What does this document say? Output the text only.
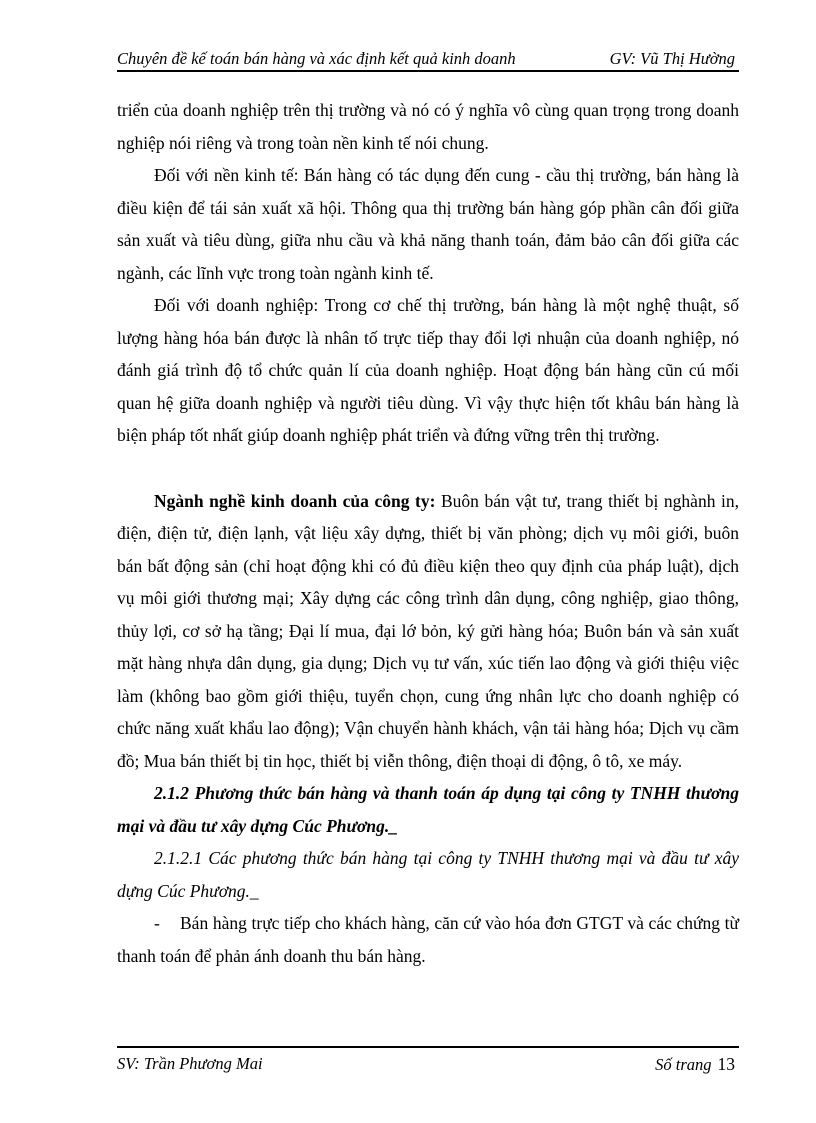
Chuyên đề kế toán bán hàng và xác định kết quả kinh doanh	GV: Vũ Thị Hường

triển của doanh nghiệp trên thị trường và nó có ý nghĩa vô cùng quan trọng trong doanh nghiệp nói riêng và trong toàn nền kinh tế nói chung.

Đối với nền kinh tế: Bán hàng có tác dụng đến cung - cầu thị trường, bán hàng là điều kiện để tái sản xuất xã hội. Thông qua thị trường bán hàng góp phần cân đối giữa sản xuất và tiêu dùng, giữa nhu cầu và khả năng thanh toán, đảm bảo cân đối giữa các ngành, các lĩnh vực trong toàn ngành kinh tế.

Đối với doanh nghiệp: Trong cơ chế thị trường, bán hàng là một nghệ thuật, số lượng hàng hóa bán được là nhân tố trực tiếp thay đổi lợi nhuận của doanh nghiệp, nó đánh giá trình độ tổ chức quản lí của doanh nghiệp. Hoạt động bán hàng cũn cú mối quan hệ giữa doanh nghiệp và người tiêu dùng. Vì vậy thực hiện tốt khâu bán hàng là biện pháp tốt nhất giúp doanh nghiệp phát triển và đứng vững trên thị trường.

Ngành nghề kinh doanh của công ty: Buôn bán vật tư, trang thiết bị nghành in, điện, điện tử, điện lạnh, vật liệu xây dựng, thiết bị văn phòng; dịch vụ môi giới, buôn bán bất động sản (chỉ hoạt động khi có đủ điều kiện theo quy định của pháp luật), dịch vụ môi giới thương mại; Xây dựng các công trình dân dụng, công nghiệp, giao thông, thủy lợi, cơ sở hạ tầng; Đại lí mua, đại lớ bỏn, ký gửi hàng hóa; Buôn bán và sản xuất mặt hàng nhựa dân dụng, gia dụng; Dịch vụ tư vấn, xúc tiến lao động và giới thiệu việc làm (không bao gồm giới thiệu, tuyển chọn, cung ứng nhân lực cho doanh nghiệp có chức năng xuất khẩu lao động); Vận chuyển hành khách, vận tải hàng hóa; Dịch vụ cầm đồ; Mua bán thiết bị tin học, thiết bị viễn thông, điện thoại di động, ô tô, xe máy.

2.1.2 Phương thức bán hàng và thanh toán áp dụng tại công ty TNHH thương mại và đầu tư xây dựng Cúc Phương._

2.1.2.1 Các phương thức bán hàng tại công ty TNHH thương mại và đầu tư xây dựng Cúc Phương._

- Bán hàng trực tiếp cho khách hàng, căn cứ vào hóa đơn GTGT và các chứng từ thanh toán để phản ánh doanh thu bán hàng.

SV: Trần Phương Mai	Số trang 13
